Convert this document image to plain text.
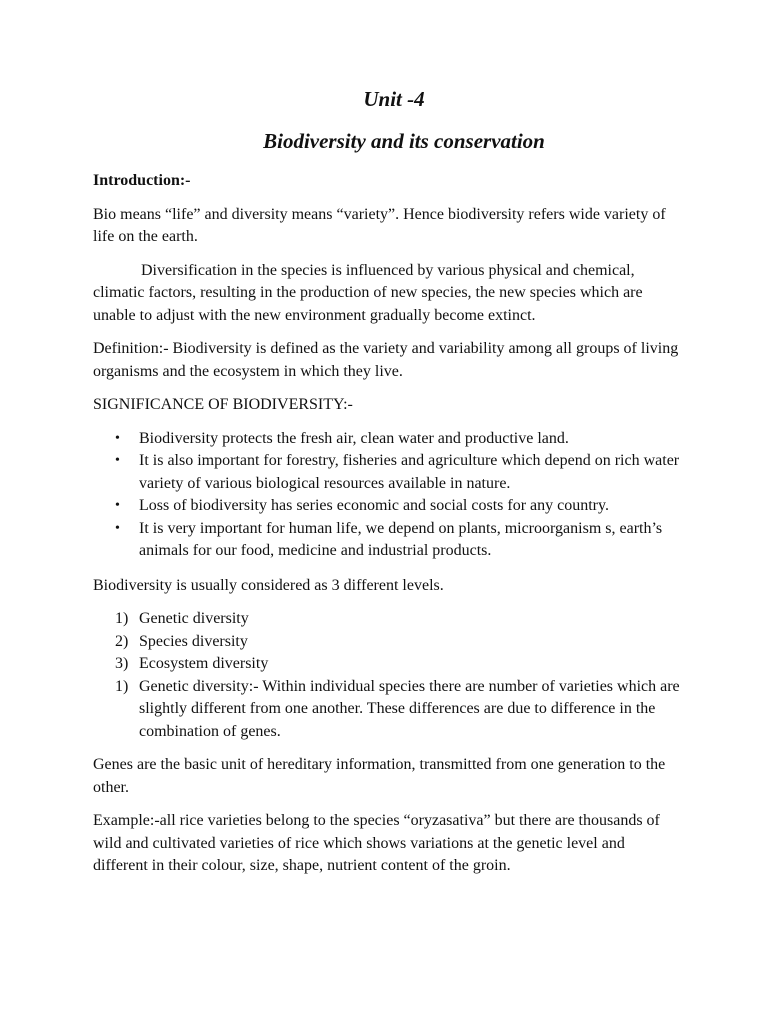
Unit -4
Biodiversity and its conservation

Introduction:-

Bio means “life” and diversity means “variety”. Hence biodiversity refers wide variety of life on the earth.

Diversification in the species is influenced by various physical and chemical, climatic factors, resulting in the production of new species, the new species which are unable to adjust with the new environment gradually become extinct.

Definition:- Biodiversity is defined as the variety and variability among all groups of living organisms and the ecosystem in which they live.

SIGNIFICANCE OF BIODIVERSITY:-

• Biodiversity protects the fresh air, clean water and productive land.
• It is also important for forestry, fisheries and agriculture which depend on rich water variety of various biological resources available in nature.
• Loss of biodiversity has series economic and social costs for any country.
• It is very important for human life, we depend on plants, microorganism s, earth’s animals for our food, medicine and industrial products.

Biodiversity is usually considered as 3 different levels.

1) Genetic diversity
2) Species diversity
3) Ecosystem diversity
1) Genetic diversity:- Within individual species there are number of varieties which are slightly different from one another. These differences are due to difference in the combination of genes.

Genes are the basic unit of hereditary information, transmitted from one generation to the other.

Example:-all rice varieties belong to the species “oryzasativa” but there are thousands of wild and cultivated varieties of rice which shows variations at the genetic level and different in their colour, size, shape, nutrient content of the groin.
